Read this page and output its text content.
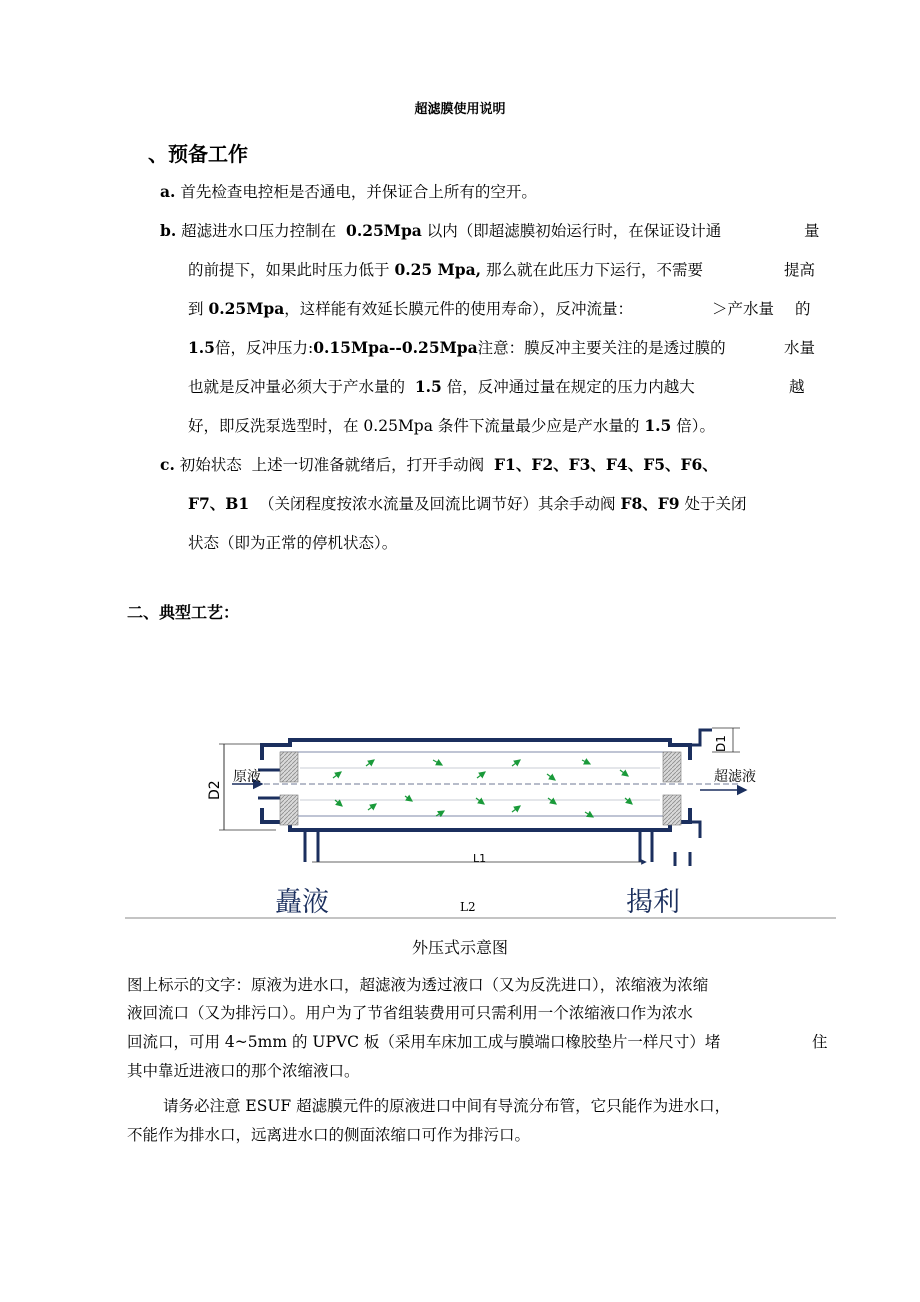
超滤膜使用说明
、预备工作
a. 首先检查电控柜是否通电，并保证合上所有的空开。
b. 超滤进水口压力控制在 0.25Mpa 以内（即超滤膜初始运行时，在保证设计通	量
的前提下，如果此时压力低于 0.25 Mpa, 那么就在此压力下运行，不需要	提高
到 0.25Mpa，这样能有效延长膜元件的使用寿命），反冲流量：	＞产水量 的
1.5倍，反冲压力:0.15Mpa--0.25Mpa注意：膜反冲主要关注的是透过膜的	水量
也就是反冲量必须大于产水量的 1.5 倍，反冲通过量在规定的压力内越大	越
好，即反洗泵选型时，在 0.25Mpa 条件下流量最少应是产水量的 1.5 倍）。
c. 初始状态 上述一切准备就绪后，打开手动阀 F1、F2、F3、F4、F5、F6、
F7、B1 （关闭程度按浓水流量及回流比调节好）其余手动阀 F8、F9 处于关闭
状态（即为正常的停机状态）。
二、典型工艺：
原液	超滤液
D1
D2
L1
L2
矗液	揭利
外压式示意图
图上标示的文字：原液为进水口，超滤液为透过液口（又为反洗进口），浓缩液为浓缩
液回流口（又为排污口）。用户为了节省组装费用可只需利用一个浓缩液口作为浓水
回流口，可用 4~5mm 的 UPVC 板（采用车床加工成与膜端口橡胶垫片一样尺寸）堵	住
其中靠近进液口的那个浓缩液口。
请务必注意 ESUF 超滤膜元件的原液进口中间有导流分布管，它只能作为进水口，
不能作为排水口，远离进水口的侧面浓缩口可作为排污口。
